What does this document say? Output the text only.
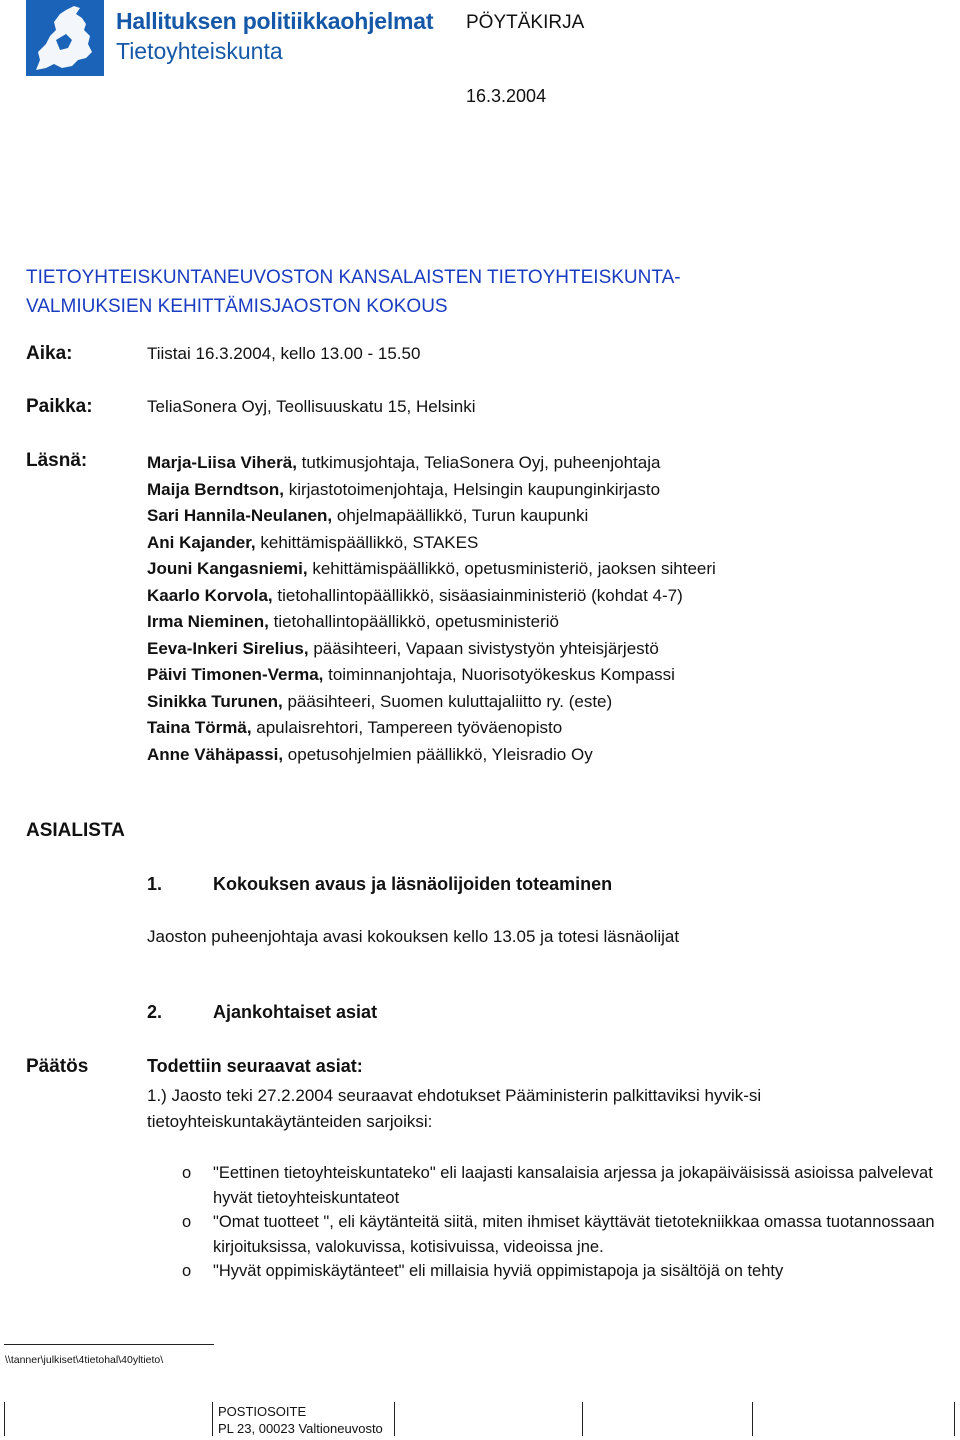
Hallituksen politiikkaohjelmat
Tietoyhteiskunta
PÖYTÄKIRJA
16.3.2004
TIETOYHTEISKUNTANEUVOSTON KANSALAISTEN TIETOYHTEISKUNTA-
VALMIUKSIEN KEHITTÄMISJAOSTON KOKOUS
Aika:	Tiistai 16.3.2004, kello 13.00 - 15.50
Paikka:	TeliaSonera Oyj, Teollisuuskatu 15, Helsinki
Läsnä:	Marja-Liisa Viherä, tutkimusjohtaja, TeliaSonera Oyj, puheenjohtaja
Maija Berndtson, kirjastotoimenjohtaja, Helsingin kaupunginkirjasto
Sari Hannila-Neulanen, ohjelmapäällikkö, Turun kaupunki
Ani Kajander, kehittämispäällikkö, STAKES
Jouni Kangasniemi, kehittämispäällikkö, opetusministeriö, jaoksen sihteeri
Kaarlo Korvola, tietohallintopäällikkö, sisäasiainministeriö (kohdat 4-7)
Irma Nieminen, tietohallintopäällikkö, opetusministeriö
Eeva-Inkeri Sirelius, pääsihteeri, Vapaan sivistystyön yhteisjärjestö
Päivi Timonen-Verma, toiminnanjohtaja, Nuorisotyökeskus Kompassi
Sinikka Turunen, pääsihteeri, Suomen kuluttajaliitto ry. (este)
Taina Törmä, apulaisrehtori, Tampereen työväenopisto
Anne Vähäpassi, opetusohjelmien päällikkö, Yleisradio Oy
ASIALISTA
1.	Kokouksen avaus ja läsnäolijoiden toteaminen
Jaoston puheenjohtaja avasi kokouksen kello 13.05 ja totesi läsnäolijat
2.	Ajankohtaiset asiat
Päätös	Todettiin seuraavat asiat:
1.) Jaosto teki 27.2.2004 seuraavat ehdotukset Pääministerin palkittaviksi hyvik-si tietoyhteiskuntakäytänteiden sarjoiksi:
o "Eettinen tietoyhteiskuntateko" eli laajasti kansalaisia arjessa ja jokapäiväisissä asioissa palvelevat hyvät tietoyhteiskuntateot
o "Omat tuotteet ", eli käytänteitä siitä, miten ihmiset käyttävät tietotekniikkaa omassa tuotannossaan kirjoituksissa, valokuvissa, kotisivuissa, videoissa jne.
o "Hyvät oppimiskäytänteet" eli millaisia hyviä oppimistapoja ja sisältöjä on tehty
\\tanner\julkiset\4tietohal\40yltieto\
POSTIOSOITE
PL 23, 00023 Valtioneuvosto
